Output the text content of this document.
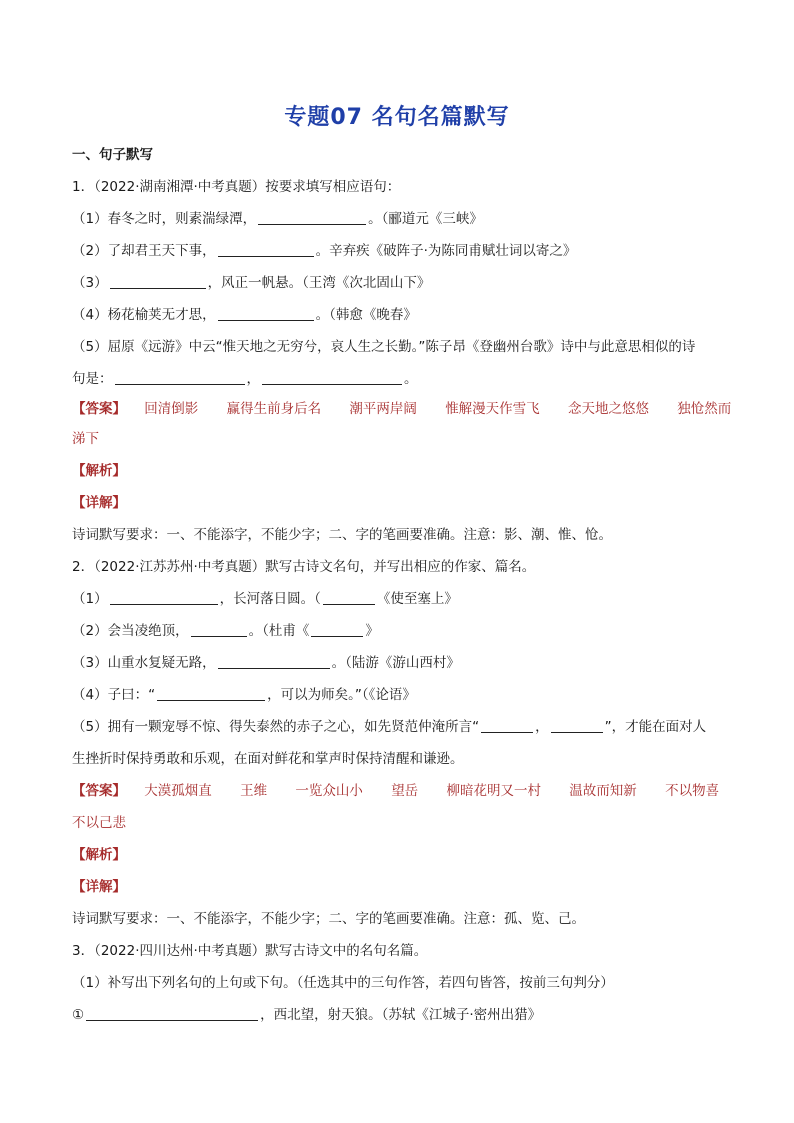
专题07 名句名篇默写
一、句子默写
1．（2022·湖南湘潭·中考真题）按要求填写相应语句：
（1）春冬之时，则素湍绿潭，	。（郦道元《三峡》
（2）了却君王天下事，	。辛弃疾《破阵子·为陈同甫赋壮词以寄之》
（3）	，风正一帆悬。（王湾《次北固山下》
（4）杨花榆荚无才思，	。（韩愈《晚春》
（5）屈原《远游》中云“惟天地之无穷兮，哀人生之长勤。”陈子昂《登幽州台歌》诗中与此意思相似的诗
句是：	，	。
【答案】 回清倒影 赢得生前身后名 潮平两岸阔 惟解漫天作雪飞 念天地之悠悠 独怆然而
涕下
【解析】
【详解】
诗词默写要求：一、不能添字，不能少字；二、字的笔画要准确。注意：影、潮、惟、怆。
2．（2022·江苏苏州·中考真题）默写古诗文名句，并写出相应的作家、篇名。
（1）	，长河落日圆。（	《使至塞上》
（2）会当凌绝顶，	。（杜甫《	》
（3）山重水复疑无路，	。（陆游《游山西村》
（4）子曰：“	，可以为师矣。”（《论语》
（5）拥有一颗宠辱不惊、得失泰然的赤子之心，如先贤范仲淹所言“	，	”，才能在面对人
生挫折时保持勇敢和乐观，在面对鲜花和掌声时保持清醒和谦逊。
【答案】 大漠孤烟直 王维 一览众山小 望岳 柳暗花明又一村 温故而知新 不以物喜
不以己悲
【解析】
【详解】
诗词默写要求：一、不能添字，不能少字；二、字的笔画要准确。注意：孤、览、己。
3．（2022·四川达州·中考真题）默写古诗文中的名句名篇。
（1）补写出下列名句的上句或下句。（任选其中的三句作答，若四句皆答，按前三句判分）
①	，西北望，射天狼。（苏轼《江城子·密州出猎》
